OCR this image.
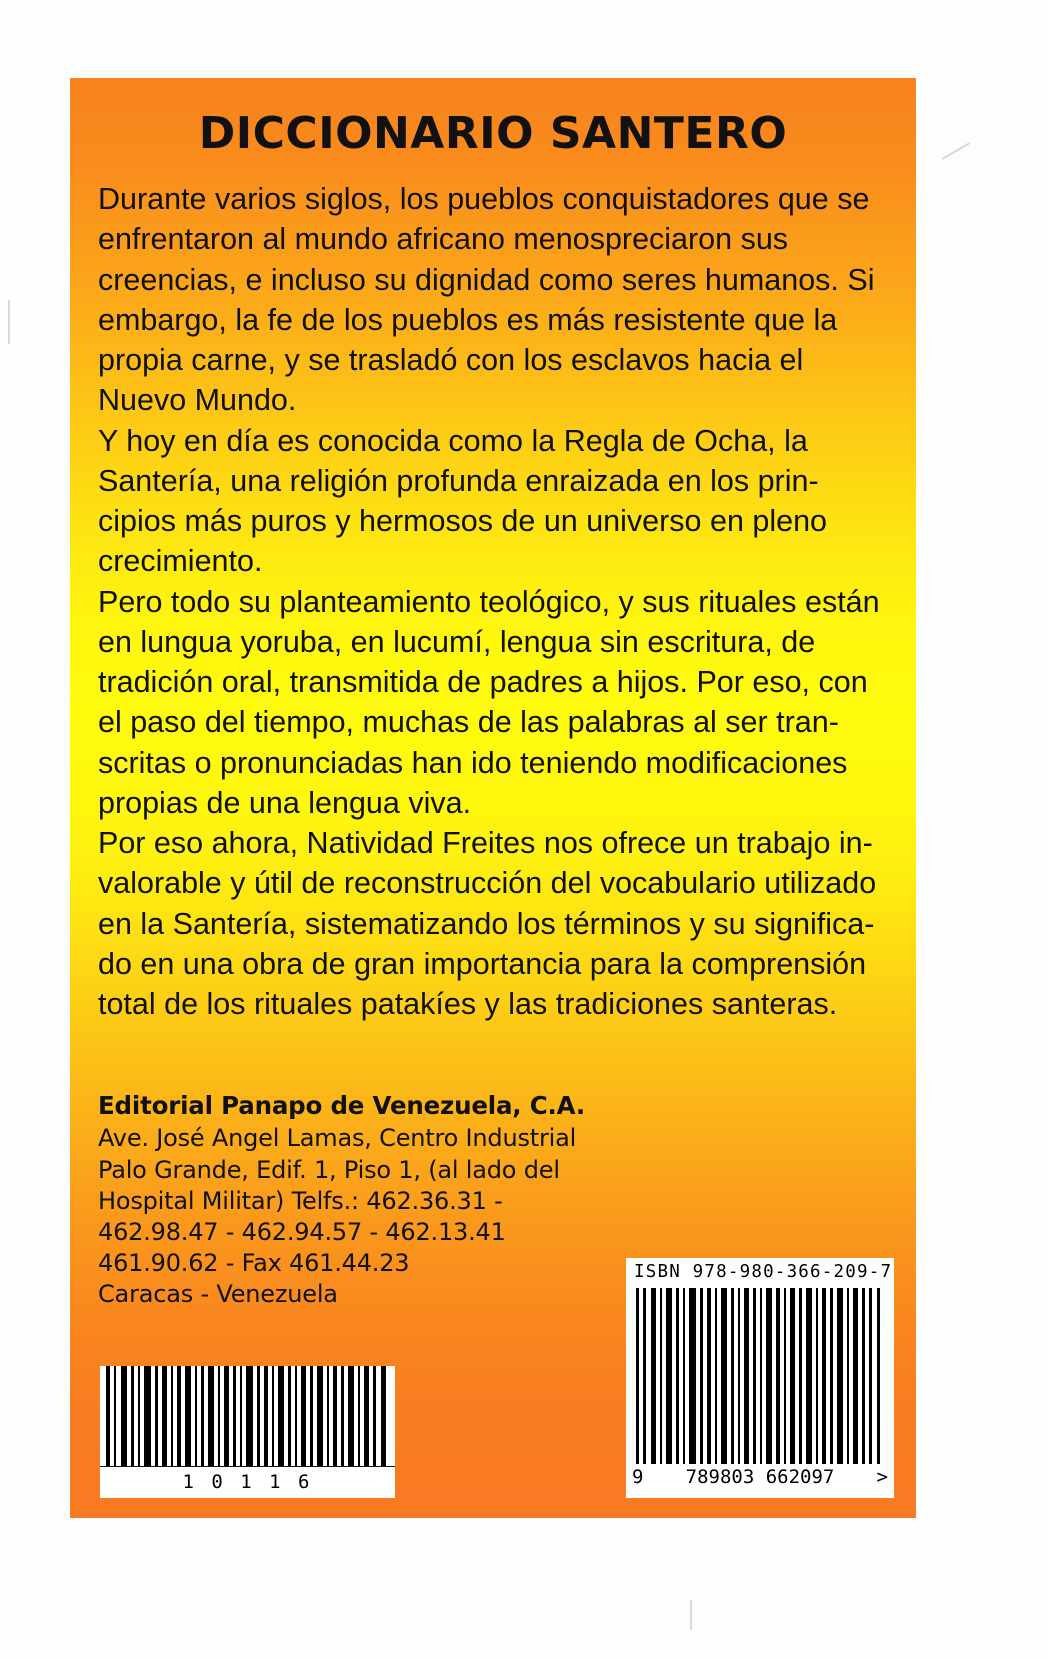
DICCIONARIO SANTERO

Durante varios siglos, los pueblos conquistadores que se enfrentaron al mundo africano menospreciaron sus creencias, e incluso su dignidad como seres humanos. Si embargo, la fe de los pueblos es más resistente que la propia carne, y se trasladó con los esclavos hacia el Nuevo Mundo.

Y hoy en día es conocida como la Regla de Ocha, la Santería, una religión profunda enraizada en los prin- cipios más puros y hermosos de un universo en pleno crecimiento.

Pero todo su planteamiento teológico, y sus rituales están en lungua yoruba, en lucumí, lengua sin escritura, de tradición oral, transmitida de padres a hijos. Por eso, con el paso del tiempo, muchas de las palabras al ser tran- scritas o pronunciadas han ido teniendo modificaciones propias de una lengua viva.

Por eso ahora, Natividad Freites nos ofrece un trabajo in- valorable y útil de reconstrucción del vocabulario utilizado en la Santería, sistematizando los términos y su significa- do en una obra de gran importancia para la comprensión total de los rituales patakíes y las tradiciones santeras.

Editorial Panapo de Venezuela, C.A.
Ave. José Angel Lamas, Centro Industrial
Palo Grande, Edif. 1, Piso 1, (al lado del
Hospital Militar) Telfs.: 462.36.31 -
462.98.47 - 462.94.57 - 462.13.41
461.90.62 - Fax 461.44.23
Caracas - Venezuela
1 0 1 1 6
ISBN 978-980-366-209-7
9 789803 662097 >
